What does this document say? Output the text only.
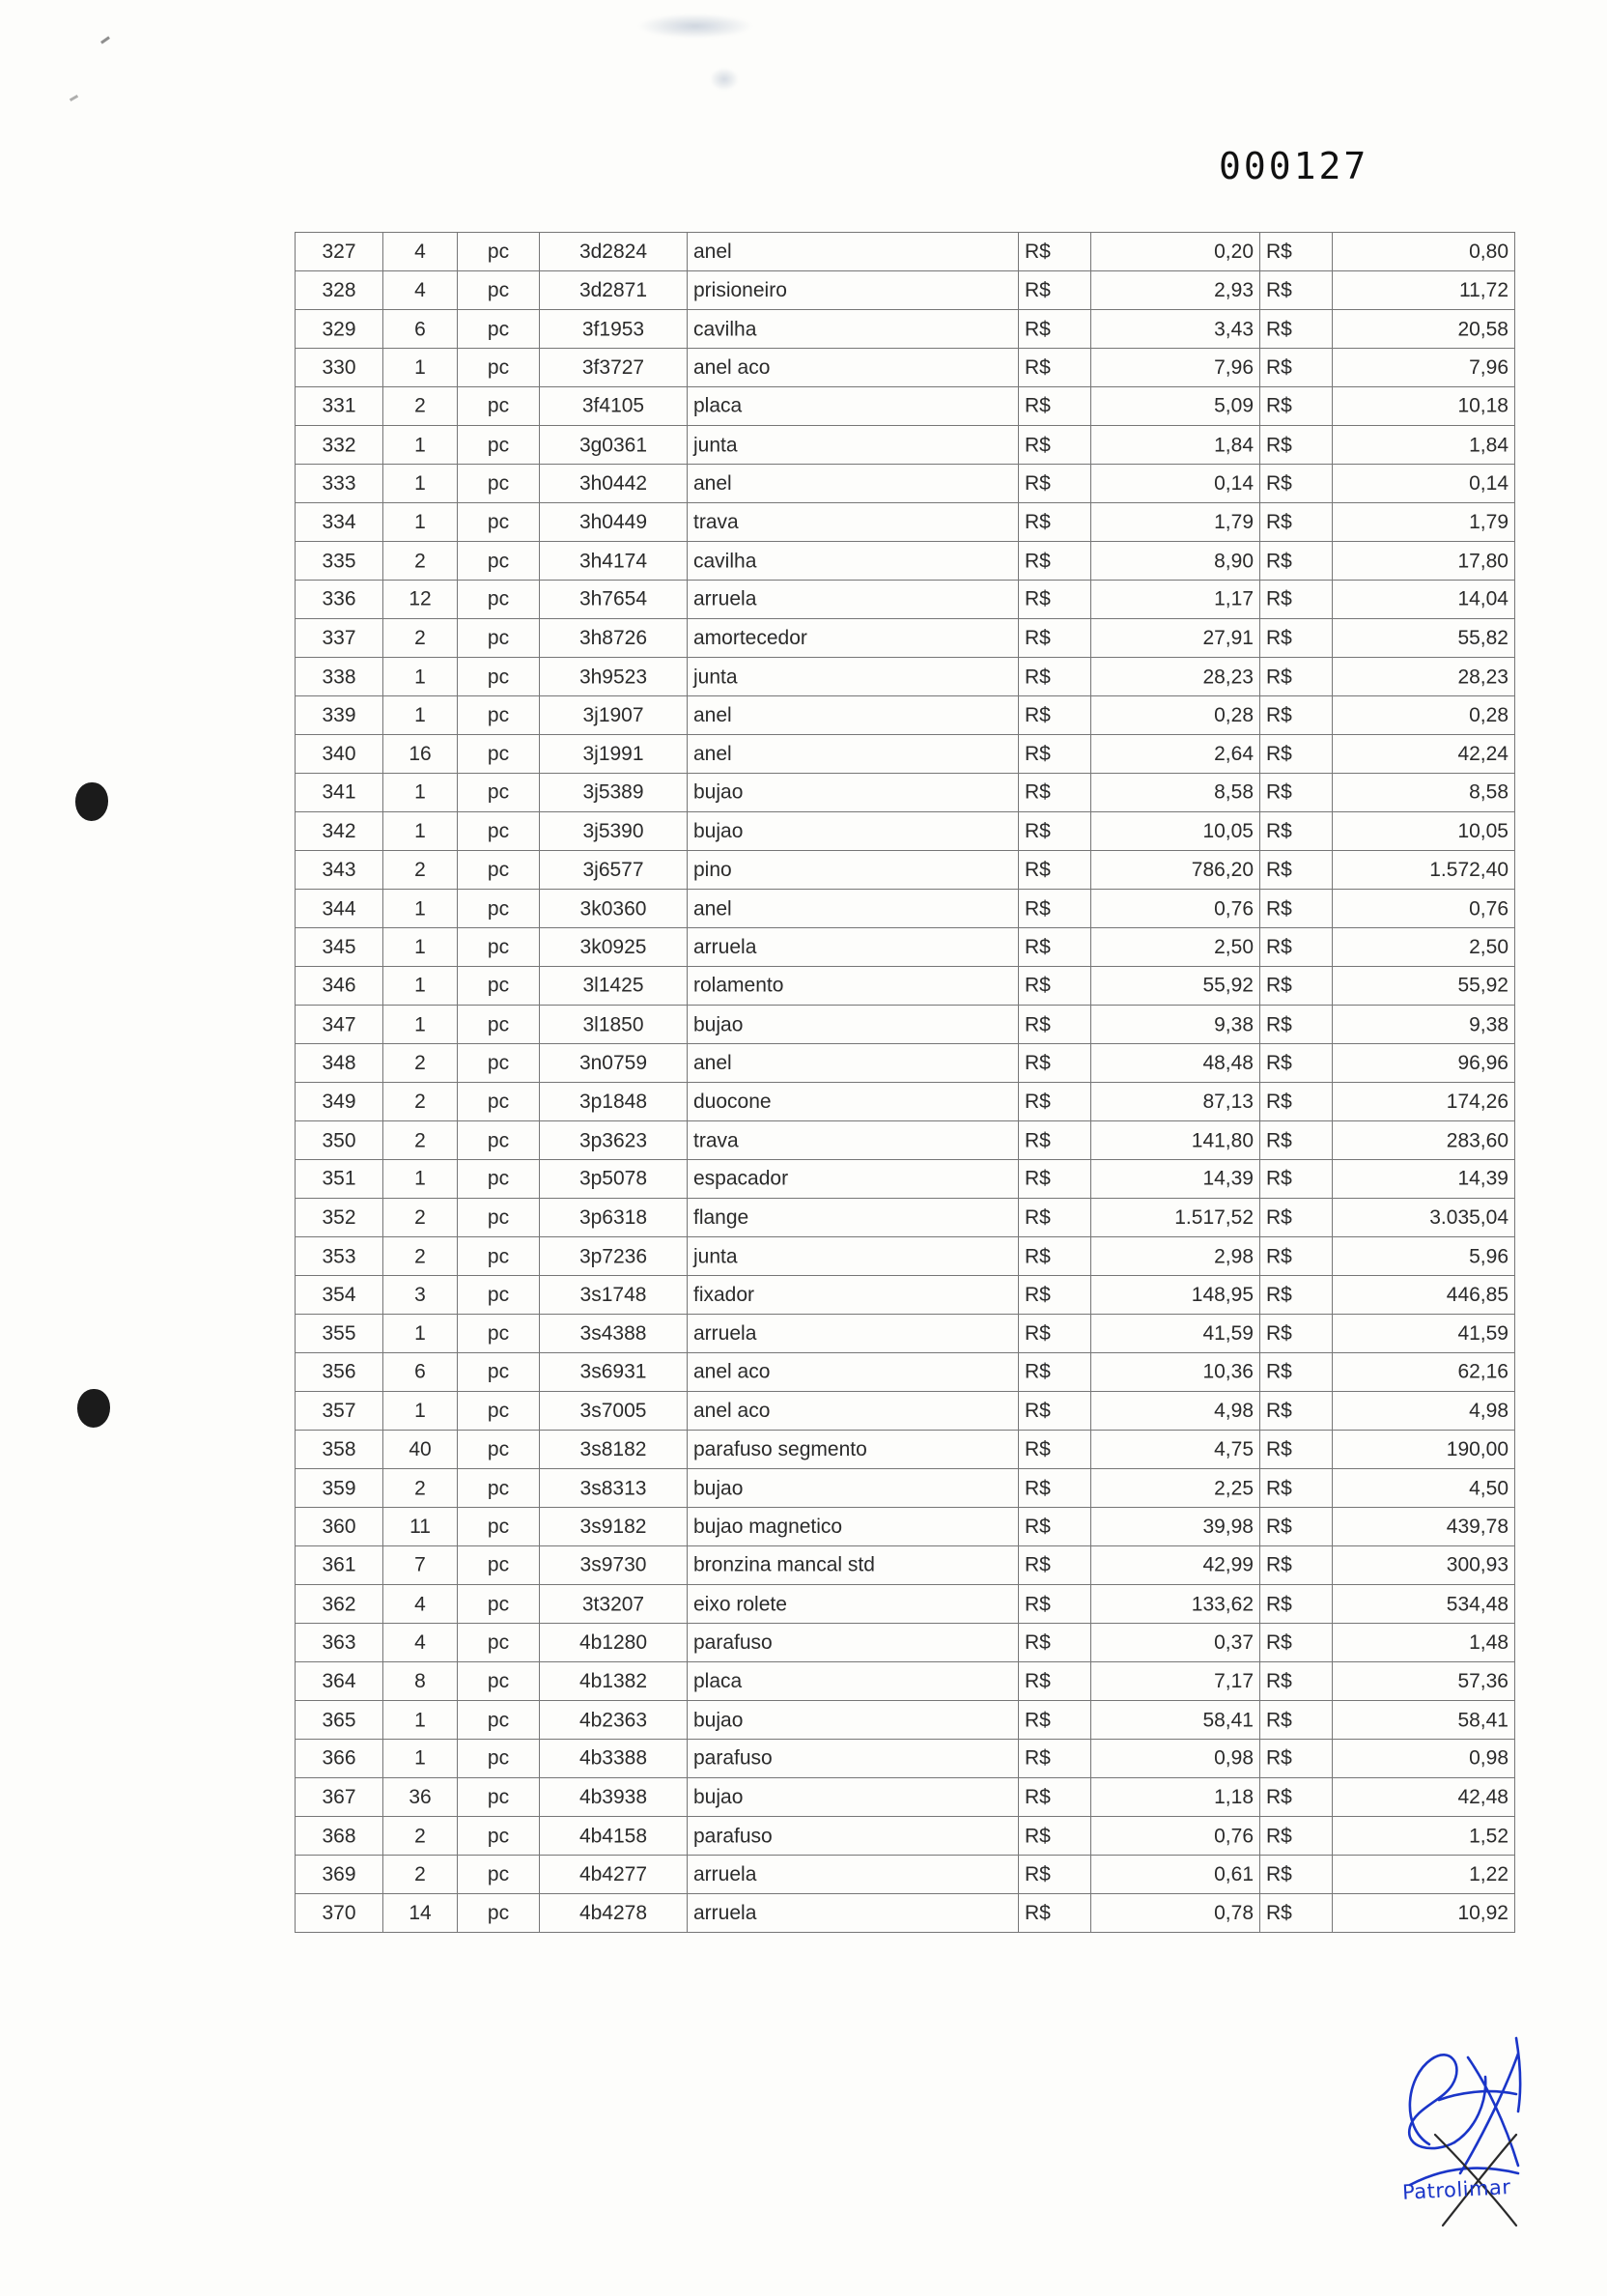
000127
327	4	pc	3d2824	anel	R$	0,20	R$	0,80
328	4	pc	3d2871	prisioneiro	R$	2,93	R$	11,72
329	6	pc	3f1953	cavilha	R$	3,43	R$	20,58
330	1	pc	3f3727	anel aco	R$	7,96	R$	7,96
331	2	pc	3f4105	placa	R$	5,09	R$	10,18
332	1	pc	3g0361	junta	R$	1,84	R$	1,84
333	1	pc	3h0442	anel	R$	0,14	R$	0,14
334	1	pc	3h0449	trava	R$	1,79	R$	1,79
335	2	pc	3h4174	cavilha	R$	8,90	R$	17,80
336	12	pc	3h7654	arruela	R$	1,17	R$	14,04
337	2	pc	3h8726	amortecedor	R$	27,91	R$	55,82
338	1	pc	3h9523	junta	R$	28,23	R$	28,23
339	1	pc	3j1907	anel	R$	0,28	R$	0,28
340	16	pc	3j1991	anel	R$	2,64	R$	42,24
341	1	pc	3j5389	bujao	R$	8,58	R$	8,58
342	1	pc	3j5390	bujao	R$	10,05	R$	10,05
343	2	pc	3j6577	pino	R$	786,20	R$	1.572,40
344	1	pc	3k0360	anel	R$	0,76	R$	0,76
345	1	pc	3k0925	arruela	R$	2,50	R$	2,50
346	1	pc	3l1425	rolamento	R$	55,92	R$	55,92
347	1	pc	3l1850	bujao	R$	9,38	R$	9,38
348	2	pc	3n0759	anel	R$	48,48	R$	96,96
349	2	pc	3p1848	duocone	R$	87,13	R$	174,26
350	2	pc	3p3623	trava	R$	141,80	R$	283,60
351	1	pc	3p5078	espacador	R$	14,39	R$	14,39
352	2	pc	3p6318	flange	R$	1.517,52	R$	3.035,04
353	2	pc	3p7236	junta	R$	2,98	R$	5,96
354	3	pc	3s1748	fixador	R$	148,95	R$	446,85
355	1	pc	3s4388	arruela	R$	41,59	R$	41,59
356	6	pc	3s6931	anel aco	R$	10,36	R$	62,16
357	1	pc	3s7005	anel aco	R$	4,98	R$	4,98
358	40	pc	3s8182	parafuso segmento	R$	4,75	R$	190,00
359	2	pc	3s8313	bujao	R$	2,25	R$	4,50
360	11	pc	3s9182	bujao magnetico	R$	39,98	R$	439,78
361	7	pc	3s9730	bronzina mancal std	R$	42,99	R$	300,93
362	4	pc	3t3207	eixo rolete	R$	133,62	R$	534,48
363	4	pc	4b1280	parafuso	R$	0,37	R$	1,48
364	8	pc	4b1382	placa	R$	7,17	R$	57,36
365	1	pc	4b2363	bujao	R$	58,41	R$	58,41
366	1	pc	4b3388	parafuso	R$	0,98	R$	0,98
367	36	pc	4b3938	bujao	R$	1,18	R$	42,48
368	2	pc	4b4158	parafuso	R$	0,76	R$	1,52
369	2	pc	4b4277	arruela	R$	0,61	R$	1,22
370	14	pc	4b4278	arruela	R$	0,78	R$	10,92
Patrolimar
